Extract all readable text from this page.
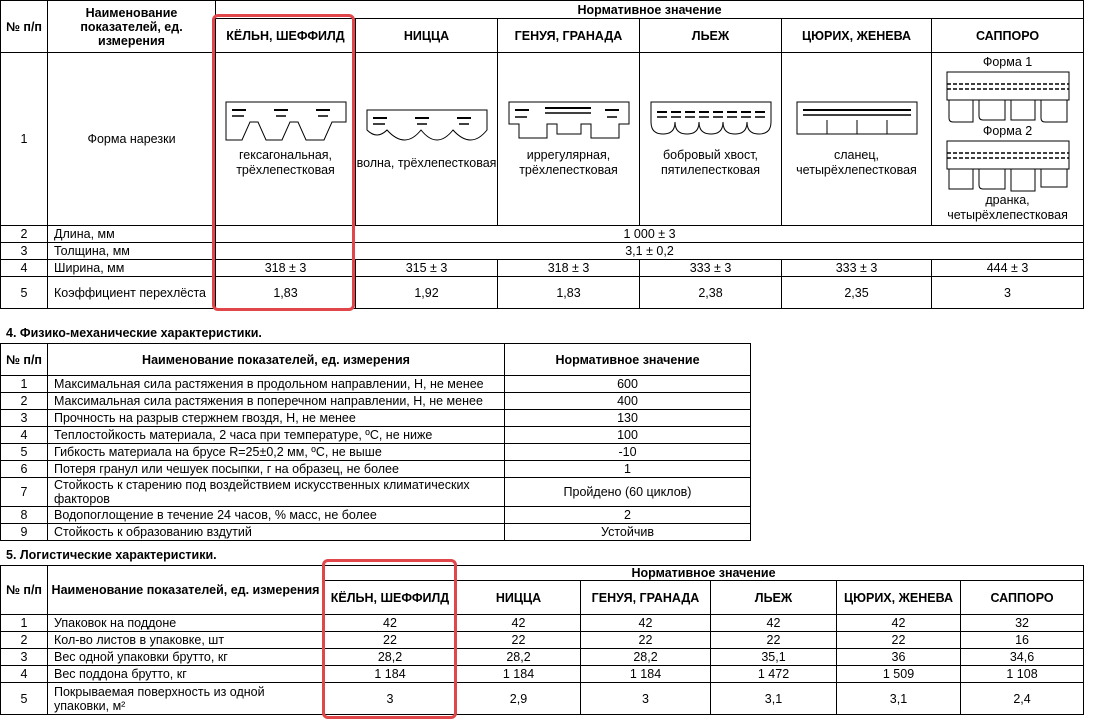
№ п/п	Наименование показателей, ед. измерения	Нормативное значение					
		КЁЛЬН, ШЕФФИЛД	НИЦЦА	ГЕНУЯ, ГРАНАДА	ЛЬЕЖ	ЦЮРИХ, ЖЕНЕВА	САППОРО
1	Форма нарезки	гексагональная, трёхлепестковая	волна, трёхлепестковая	иррегулярная, трёхлепестковая	бобровый хвост, пятилепестковая	сланец, четырёхлепестковая	Форма 1
Форма 2
дранка, четырёхлепестковая

2	Длина, мм	1 000 ± 3					
3	Толщина, мм	3,1 ± 0,2					
4	Ширина, мм	318 ± 3	315 ± 3	318 ± 3	333 ± 3	333 ± 3	444 ± 3
5	Коэффициент перехлёста	1,83	1,92	1,83	2,38	2,35	3
4. Физико-механические характеристики.
№ п/п	Наименование показателей, ед. измерения	Нормативное значение
1	Максимальная сила растяжения в продольном направлении, Н, не менее	600
2	Максимальная сила растяжения в поперечном направлении, Н, не менее	400
3	Прочность на разрыв стержнем гвоздя, Н, не менее	130
4	Теплостойкость материала, 2 часа при температуре, ºС, не ниже	100
5	Гибкость материала на брусе R=25±0,2 мм, ºС, не выше	-10
6	Потеря гранул или чешуек посыпки, г на образец, не более	1
7	Стойкость к старению под воздействием искусственных климатических факторов	Пройдено (60 циклов)
8	Водопоглощение в течение 24 часов, % масс, не более	2
9	Стойкость к образованию вздутий	Устойчив
5. Логистические характеристики.
№ п/п	Наименование показателей, ед. измерения	Нормативное значение					
		КЁЛЬН, ШЕФФИЛД	НИЦЦА	ГЕНУЯ, ГРАНАДА	ЛЬЕЖ	ЦЮРИХ, ЖЕНЕВА	САППОРО
1	Упаковок на поддоне	42	42	42	42	42	32
2	Кол-во листов в упаковке, шт	22	22	22	22	22	16
3	Вес одной упаковки брутто, кг	28,2	28,2	28,2	35,1	36	34,6
4	Вес поддона брутто, кг	1 184	1 184	1 184	1 472	1 509	1 108
5	Покрываемая поверхность из одной упаковки, м²	3	2,9	3	3,1	3,1	2,4
